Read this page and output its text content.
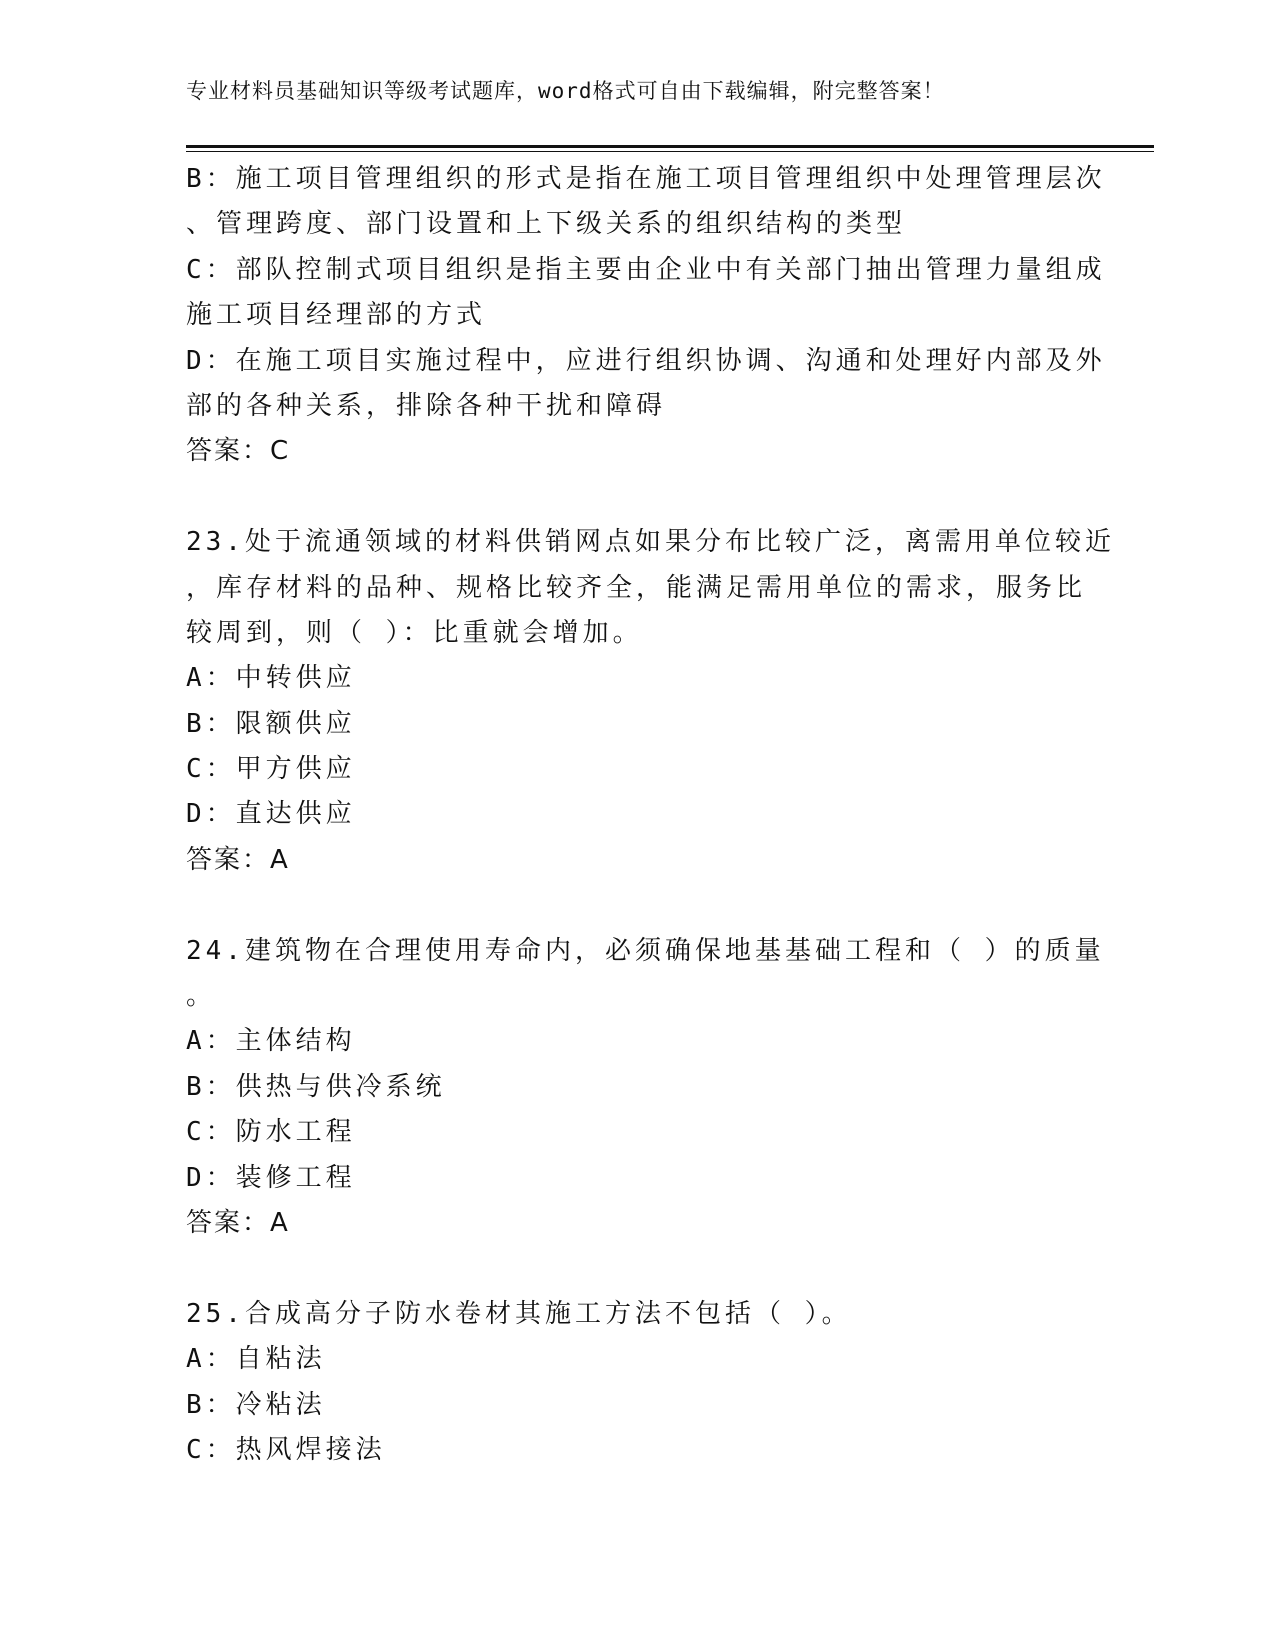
专业材料员基础知识等级考试题库，word格式可自由下载编辑，附完整答案！
B：施工项目管理组织的形式是指在施工项目管理组织中处理管理层次
、管理跨度、部门设置和上下级关系的组织结构的类型
C：部队控制式项目组织是指主要由企业中有关部门抽出管理力量组成
施工项目经理部的方式
D：在施工项目实施过程中，应进行组织协调、沟通和处理好内部及外
部的各种关系，排除各种干扰和障碍
答案：C
23.处于流通领域的材料供销网点如果分布比较广泛，离需用单位较近
，库存材料的品种、规格比较齐全，能满足需用单位的需求，服务比
较周到，则（ ）：比重就会增加。
A：中转供应
B：限额供应
C：甲方供应
D：直达供应
答案：A
24.建筑物在合理使用寿命内，必须确保地基基础工程和（ ）的质量
。
A：主体结构
B：供热与供冷系统
C：防水工程
D：装修工程
答案：A
25.合成高分子防水卷材其施工方法不包括（ ）。
A：自粘法
B：冷粘法
C：热风焊接法
